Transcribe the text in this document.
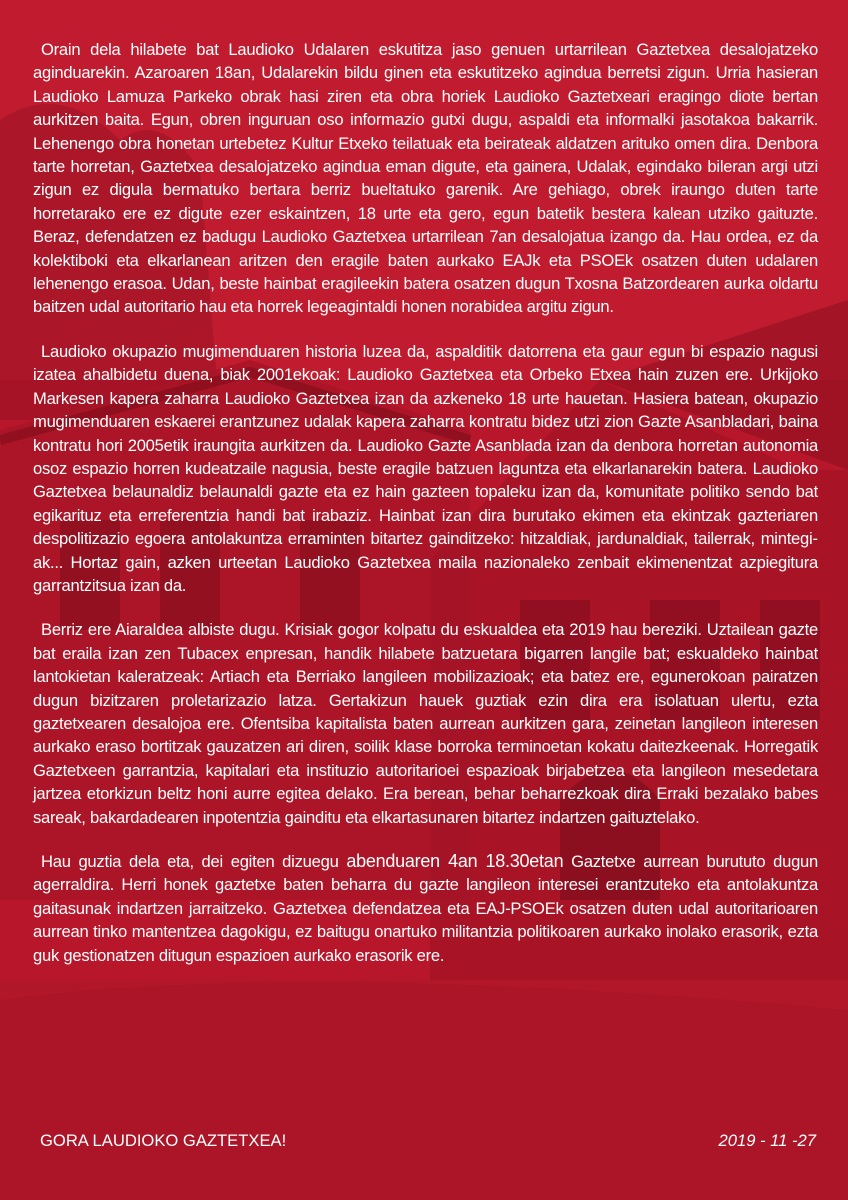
Orain dela hilabete bat Laudioko Udalaren eskutitza jaso genuen urtarrilean Gaztetxea desalojatzeko aginduarekin. Azaroaren 18an, Udalarekin bildu ginen eta eskutitzeko agindua berretsi zigun. Urria hasieran Laudioko Lamuza Parkeko obrak hasi ziren eta obra horiek Laudioko Gaztetxeari eragingo diote bertan aurkitzen baita. Egun, obren inguruan oso informazio gutxi dugu, aspaldi eta informalki jasotakoa bakarrik. Lehenengo obra honetan urtebetez Kultur Etxeko teilatuak eta beirateak aldatzen arituko omen dira. Denbora tarte horretan, Gaztetxea desalojatzeko agindua eman digute, eta gainera, Udalak, egindako bileran argi utzi zigun ez digula bermatuko bertara berriz bueltatuko garenik. Are gehiago, obrek iraungo duten tarte horretarako ere ez digute ezer eskaintzen, 18 urte eta gero, egun batetik bestera kalean utziko gaituzte. Beraz, defendatzen ez badugu Laudioko Gaztetxea urtarrilean 7an desalojatua izango da. Hau ordea, ez da kolektiboki eta elkarlanean aritzen den eragile baten aurkako EAJk eta PSOEk osatzen duten udalaren lehenengo erasoa. Udan, beste hainbat eragileekin batera osatzen dugun Txosna Batzordearen aurka oldartu baitzen udal autoritario hau eta horrek legeagintaldi honen norabidea argitu zigun.

Laudioko okupazio mugimenduaren historia luzea da, aspalditik datorrena eta gaur egun bi espazio nagusi izatea ahalbidetu duena, biak 2001ekoak: Laudioko Gaztetxea eta Orbeko Etxea hain zuzen ere. Urkijoko Markesen kapera zaharra Laudioko Gaztetxea izan da azkeneko 18 urte hauetan. Hasiera batean, okupazio mugimenduaren eskaerei erantzunez udalak kapera zaharra kontratu bidez utzi zion Gazte Asanbladari, baina kontratu hori 2005etik iraungita aurkitzen da. Laudioko Gazte Asanblada izan da denbora horretan autonomia osoz espazio horren kudeatzaile nagusia, beste eragile batzuen laguntza eta elkarlanarekin batera. Laudioko Gaztetxea belaunaldiz belaunaldi gazte eta ez hain gazteen topaleku izan da, komunitate politiko sendo bat egikarituz eta erreferentzia handi bat irabaziz. Hainbat izan dira burutako ekimen eta ekintzak gazteriaren despolitizazio egoera antolakuntza erraminten bitartez gainditzeko: hitzaldiak, jardunaldiak, tailerrak, mintegiak... Hortaz gain, azken urteetan Laudioko Gaztetxea maila nazionaleko zenbait ekimenentzat azpiegitura garrantzitsua izan da.

Berriz ere Aiaraldea albiste dugu. Krisiak gogor kolpatu du eskualdea eta 2019 hau bereziki. Uztailean gazte bat eraila izan zen Tubacex enpresan, handik hilabete batzuetara bigarren langile bat; eskualdeko hainbat lantokietan kaleratzeak: Artiach eta Berriako langileen mobilizazioak; eta batez ere, egunerokoan pairatzen dugun bizitzaren proletarizazio latza. Gertakizun hauek guztiak ezin dira era isolatuan ulertu, ezta gaztetxearen desalojoa ere. Ofentsiba kapitalista baten aurrean aurkitzen gara, zeinetan langileon interesen aurkako eraso bortitzak gauzatzen ari diren, soilik klase borroka terminoetan kokatu daitezkeenak. Horregatik Gaztetxeen garrantzia, kapitalari eta instituzio autoritarioei espazioak birjabetzea eta langileon mesedetara jartzea etorkizun beltz honi aurre egitea delako. Era berean, behar beharrezkoak dira Erraki bezalako babes sareak, bakardadearen inpotentzia gainditu eta elkartasunaren bitartez indartzen gaituztelako.

Hau guztia dela eta, dei egiten dizuegu abenduaren 4an 18.30etan Gaztetxe aurrean burututo dugun agerraldira. Herri honek gaztetxe baten beharra du gazte langileon interesei erantzuteko eta antolakuntza gaitasunak indartzen jarraitzeko. Gaztetxea defendatzea eta EAJ-PSOEk osatzen duten udal autoritarioaren aurrean tinko mantentzea dagokigu, ez baitugu onartuko militantzia politikoaren aurkako inolako erasorik, ezta guk gestionatzen ditugun espazioen aurkako erasorik ere.

GORA LAUDIOKO GAZTETXEA!	2019 - 11 -27
